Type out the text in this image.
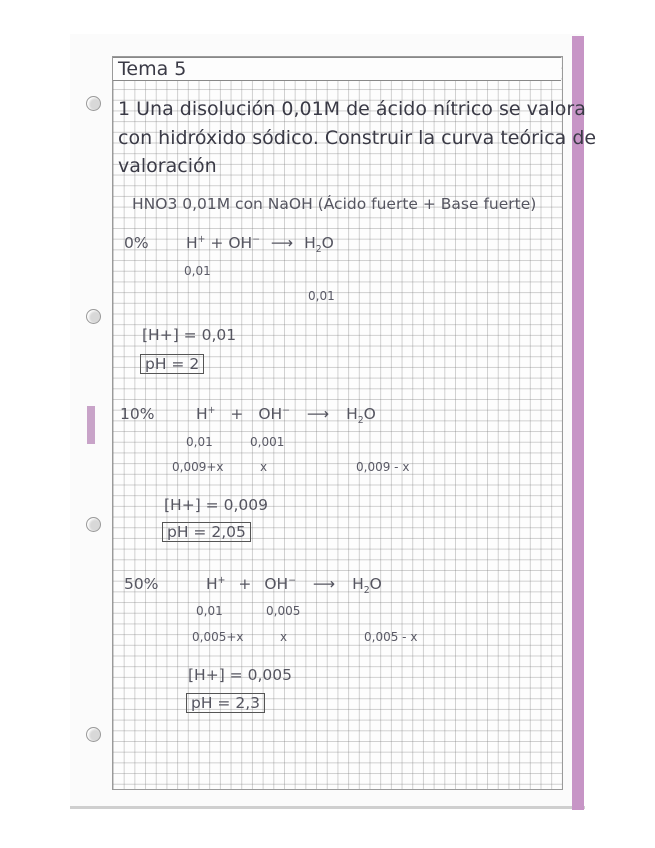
Tema 5
1 Una disolución 0,01M de ácido nítrico se valora
con hidróxido sódico. Construir la curva teórica de
valoración
HNO3 0,01M con NaOH (Ácido fuerte + Base fuerte)
0% H+ + OH− ⟶ $H_2O$
0,01
0,01
[H+] = 0,01
pH = 2
10%	H+ + OH− ⟶ $H_2O$
0,01	0,001
0,009+x	x	0,009 - x
[H+] = 0,009
pH = 2,05
50%	H+ + OH− ⟶ $H_2O$
0,01	0,005
0,005+x	x	0,005 - x
[H+] = 0,005
pH = 2,3
